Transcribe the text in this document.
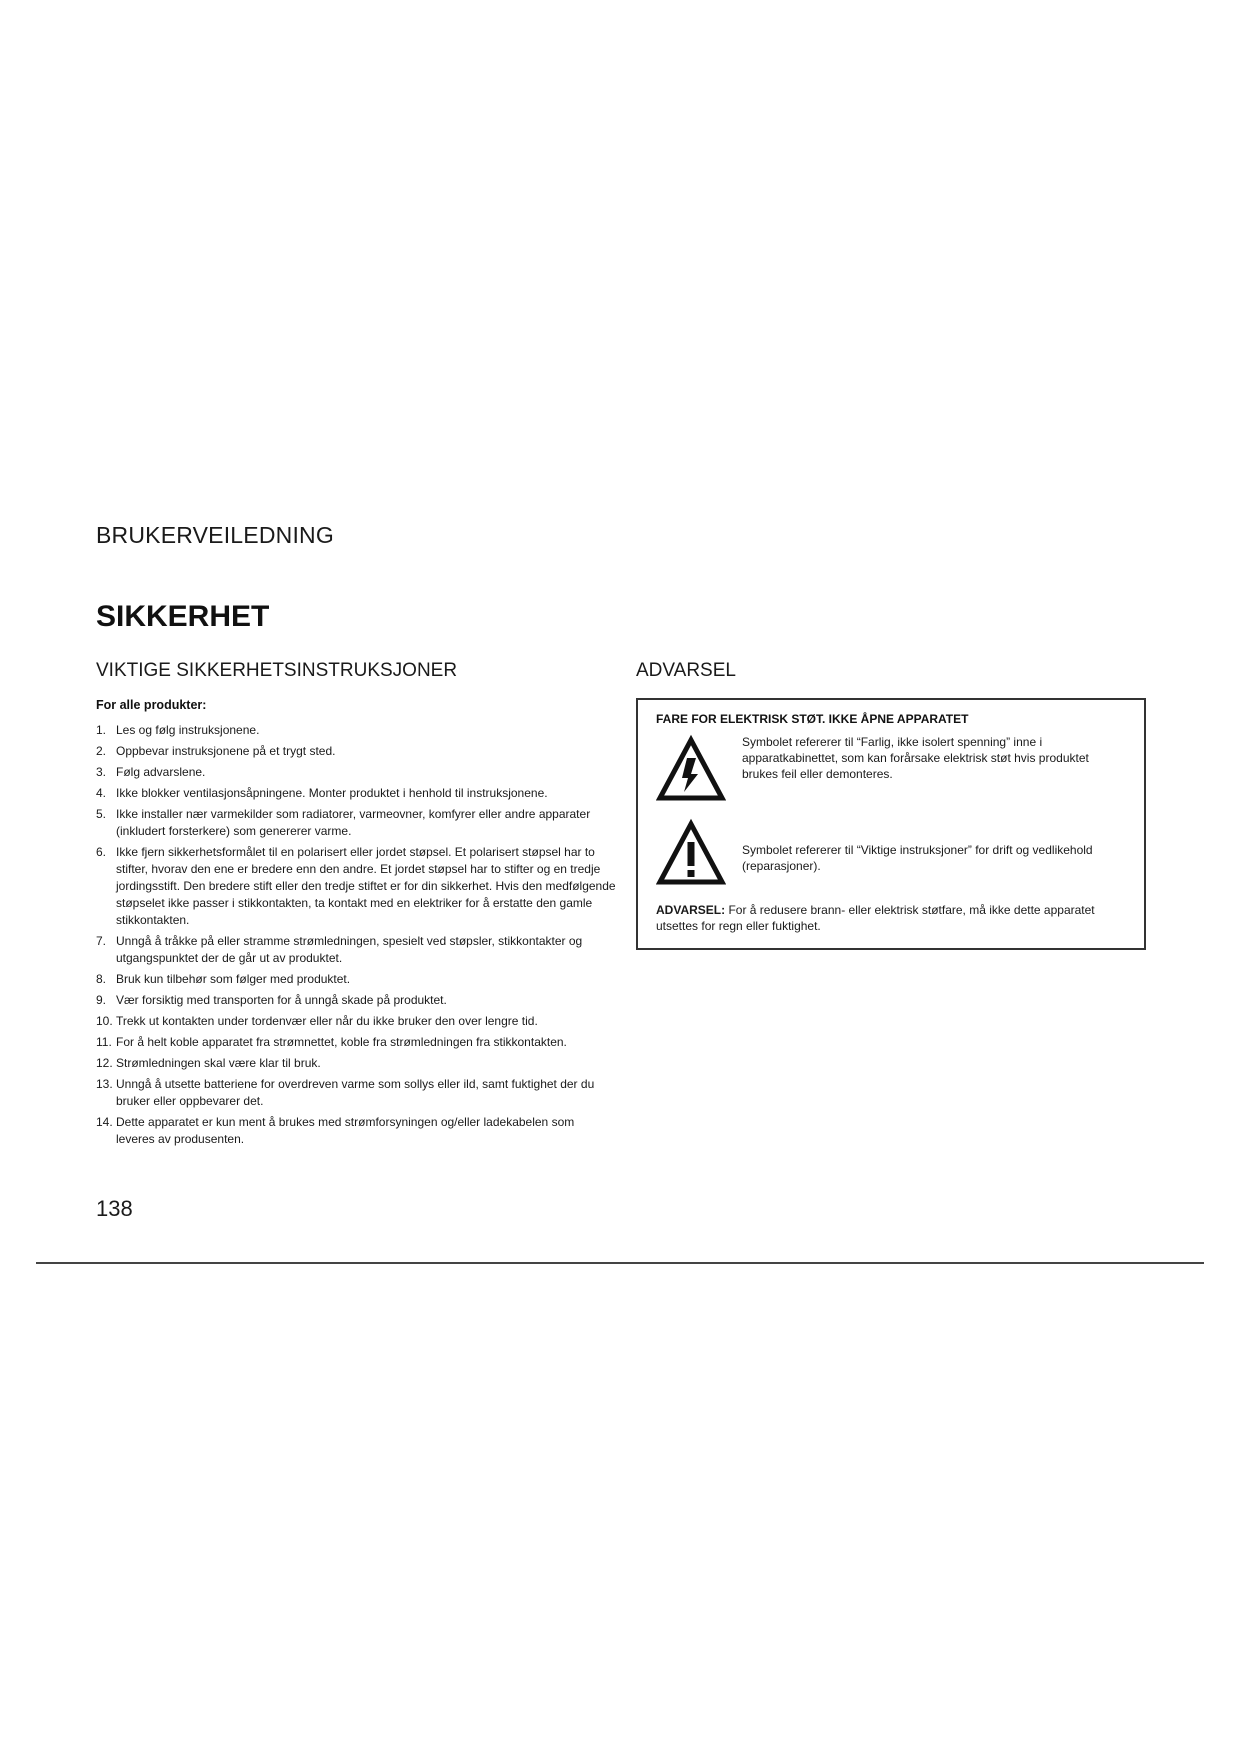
BRUKERVEILEDNING
SIKKERHET
VIKTIGE SIKKERHETSINSTRUKSJONER
For alle produkter:
1. Les og følg instruksjonene.
2. Oppbevar instruksjonene på et trygt sted.
3. Følg advarslene.
4. Ikke blokker ventilasjonsåpningene. Monter produktet i henhold til instruksjonene.
5. Ikke installer nær varmekilder som radiatorer, varmeovner, komfyrer eller andre apparater (inkludert forsterkere) som genererer varme.
6. Ikke fjern sikkerhetsformålet til en polarisert eller jordet støpsel. Et polarisert støpsel har to stifter, hvorav den ene er bredere enn den andre. Et jordet støpsel har to stifter og en tredje jordingsstift. Den bredere stift eller den tredje stiftet er for din sikkerhet. Hvis den medfølgende støpselet ikke passer i stikkontakten, ta kontakt med en elektriker for å erstatte den gamle stikkontakten.
7. Unngå å tråkke på eller stramme strømledningen, spesielt ved støpsler, stikkontakter og utgangspunktet der de går ut av produktet.
8. Bruk kun tilbehør som følger med produktet.
9. Vær forsiktig med transporten for å unngå skade på produktet.
10. Trekk ut kontakten under tordenvær eller når du ikke bruker den over lengre tid.
11. For å helt koble apparatet fra strømnettet, koble fra strømledningen fra stikkontakten.
12. Strømledningen skal være klar til bruk.
13. Unngå å utsette batteriene for overdreven varme som sollys eller ild, samt fuktighet der du bruker eller oppbevarer det.
14. Dette apparatet er kun ment å brukes med strømforsyningen og/eller ladekabelen som leveres av produsenten.
ADVARSEL
FARE FOR ELEKTRISK STØT. IKKE ÅPNE APPARATET
Symbolet refererer til “Farlig, ikke isolert spenning” inne i apparatkabinettet, som kan forårsake elektrisk støt hvis produktet brukes feil eller demonteres.
Symbolet refererer til “Viktige instruksjoner” for drift og vedlikehold (reparasjoner).
ADVARSEL: For å redusere brann- eller elektrisk støtfare, må ikke dette apparatet utsettes for regn eller fuktighet.
138
